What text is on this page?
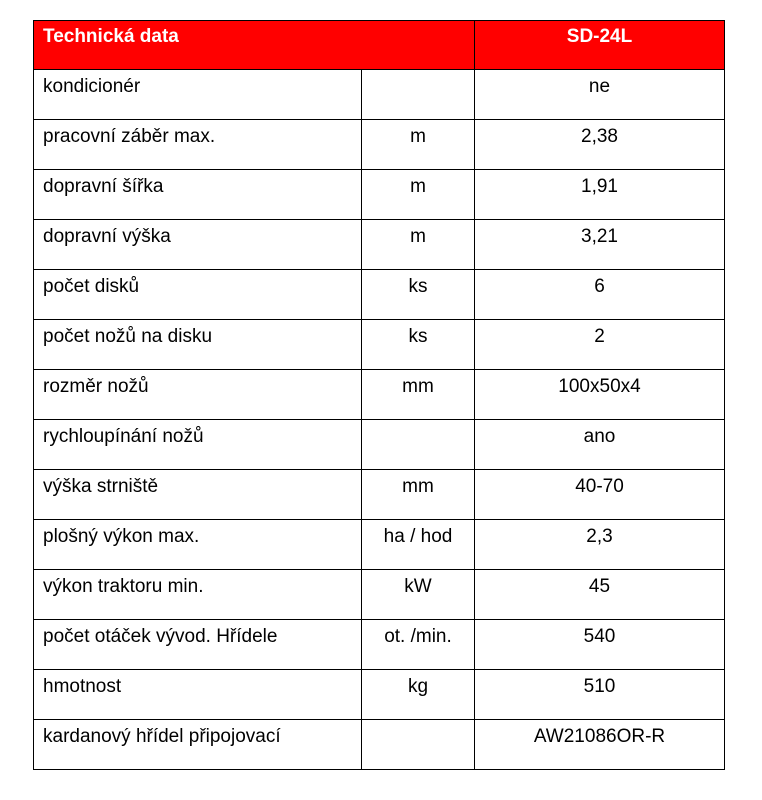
Technická data		SD-24L

kondicionér		ne

pracovní záběr max.	m	2,38

dopravní šířka	m	1,91

dopravní výška	m	3,21

počet disků	ks	6

počet nožů na disku	ks	2

rozměr nožů	mm	100x50x4

rychloupínání nožů		ano

výška strniště	mm	40-70

plošný výkon max.	ha / hod	2,3

výkon traktoru min.	kW	45

počet otáček vývod. Hřídele	ot. /min.	540

hmotnost	kg	510

kardanový hřídel připojovací		AW21086OR-R
